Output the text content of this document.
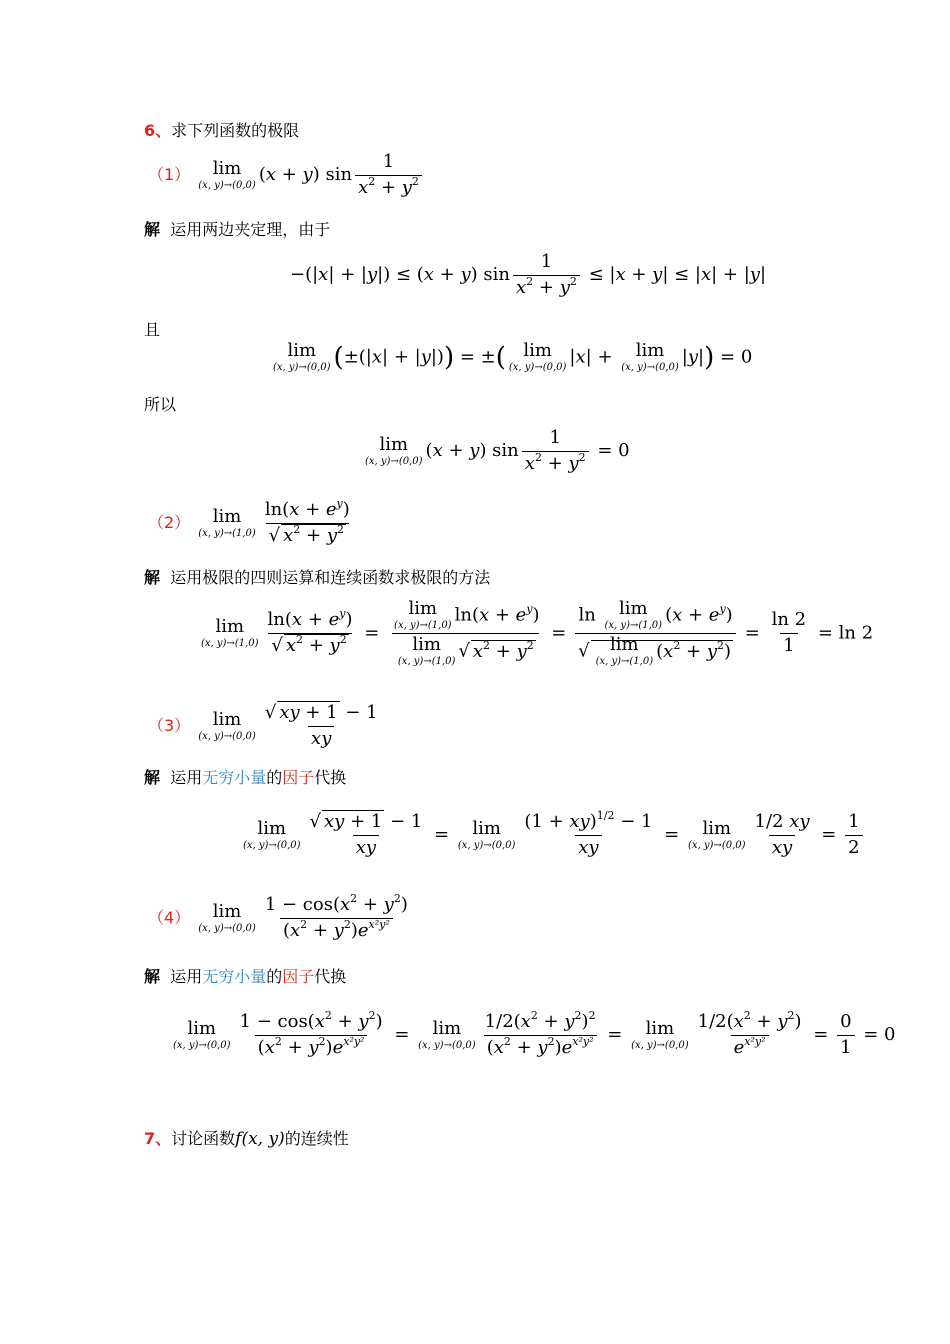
6、求下列函数的极限
（1） lim
(x, y)→(0,0) (x + y) $\sin \frac{1}{x^2 + y^2}$
解 运用两边夹定理，由于
−(|x| + |y|) ≤ (x + y) $\sin \frac{1}{x^2 + y^2} \le |x + y| \le |x| + |y|$
且
lim
(x, y)→(0,0) (±(|x| + |y|)) = ±( lim
(x, y)→(0,0) |x| + lim
(x, y)→(0,0) |y|) = 0
所以
lim
(x, y)→(0,0) (x + y) $\sin \frac{1}{x^2 + y^2} = 0$
（2） lim
(x, $y)\to(1,0) \frac{\ln(x + e^y)}{√ x^2 + y^2}$
解 运用极限的四则运算和连续函数求极限的方法
lim
(x, $y)\to(1,0) \frac{\ln(x + e^y)}{√ x^2 + y^2} = \lim$
(x, y)→(1,0) $\ln(x + e^y)$
lim
(x, y)→(1,0) √ $x^2 + y^2 = \ln \lim$
(x, y)→(1,0) $(x + e^y)$
√ lim
(x, y)→(1,0) $(x^2 + y^2) = \frac{\ln 2}{1} = \ln 2$
（3） lim
(x, $y)\to(0,0) \frac{√ xy + 1 - 1}{xy}$
解 运用无穷小量的因子代换
lim
(x, $y)\to(0,0) \frac{√ xy + 1 - 1}{xy} = \lim$
(x, $y)\to(0,0) \frac{(1 + xy)^{1/2} - 1}{xy} = \lim$
(x, $y)\to(0,0) \frac{1/2 xy}{xy} = \frac{1}{2}$
（4） lim
(x, $y)\to(0,0) \frac{1 - \cos(x^2 + y^2)}{(x^2 + y^2)e^{x^2y^2}}$
解 运用无穷小量的因子代换
lim
(x, $y)\to(0,0) \frac{1 - \cos(x^2 + y^2)}{(x^2 + y^2)e^{x^2y^2}} = \lim$
(x, $y)\to(0,0) \frac{1/2(x^2 + y^2)^2}{(x^2 + y^2)e^{x^2y^2}} = \lim$
(x, $y)\to(0,0) \frac{1/2(x^2 + y^2)}{e^{x^2y^2}} = \frac{0}{1} = 0$
7、讨论函数f(x, y)的连续性
